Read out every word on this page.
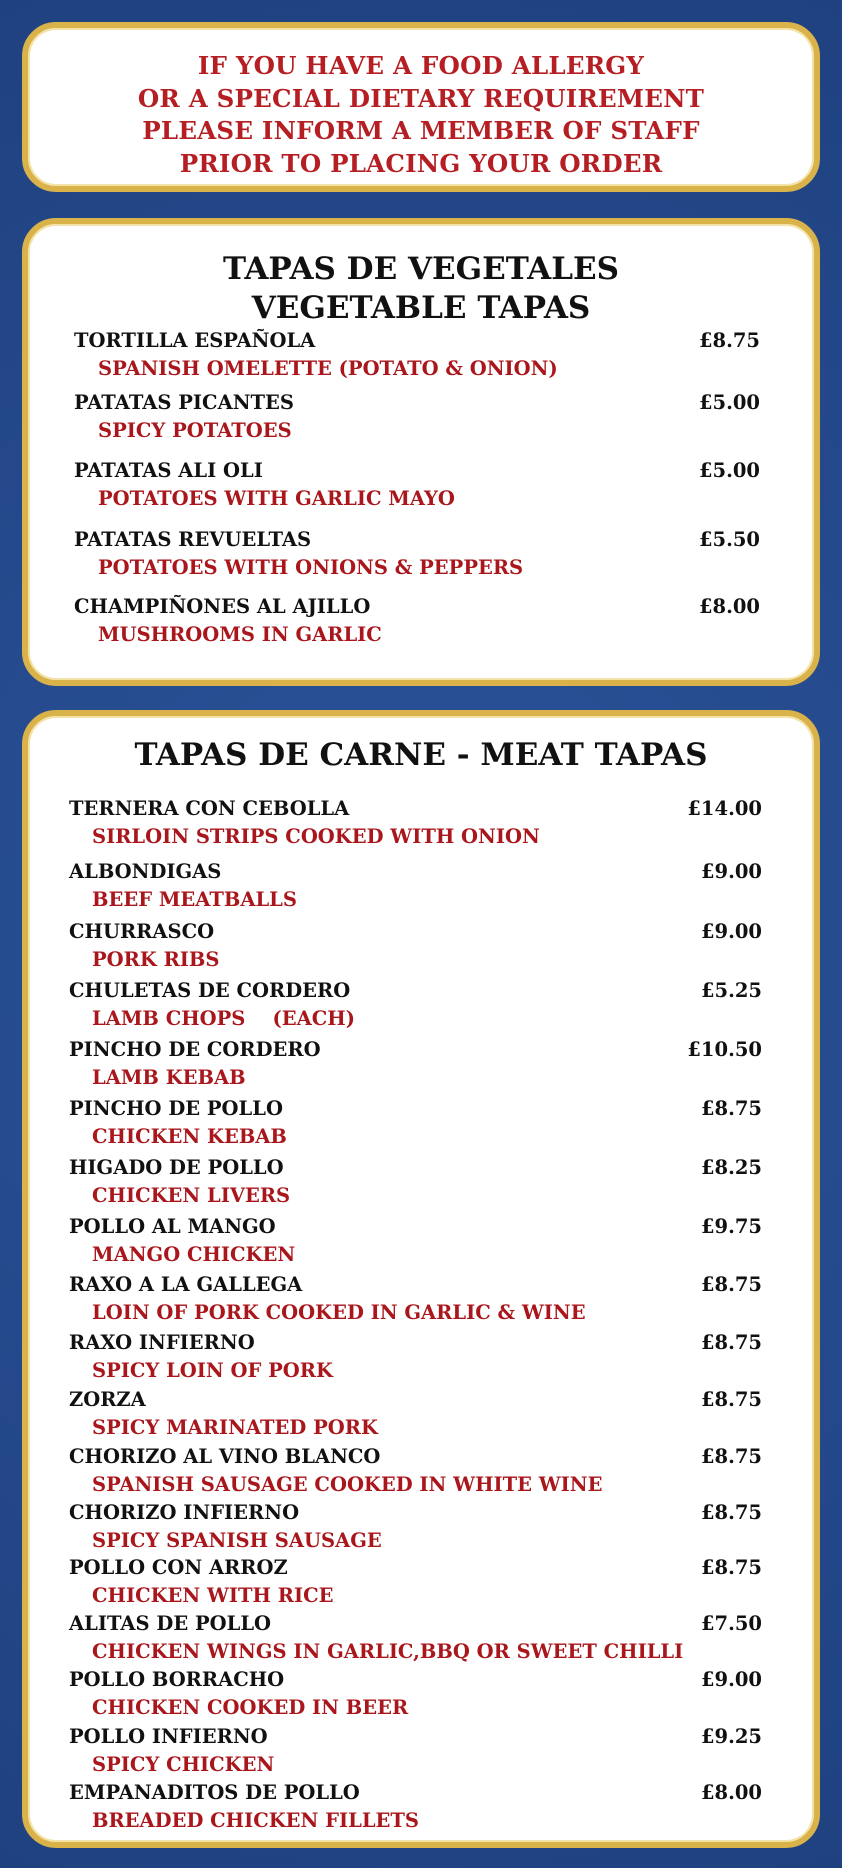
IF YOU HAVE A FOOD ALLERGY
OR A SPECIAL DIETARY REQUIREMENT
PLEASE INFORM A MEMBER OF STAFF
PRIOR TO PLACING YOUR ORDER

TAPAS DE VEGETALES
VEGETABLE TAPAS
TORTILLA ESPAÑOLA
SPANISH OMELETTE (POTATO & ONION)
£8.75
PATATAS PICANTES
SPICY POTATOES
£5.00
PATATAS ALI OLI
POTATOES WITH GARLIC MAYO
£5.00
PATATAS REVUELTAS
POTATOES WITH ONIONS & PEPPERS
£5.50
CHAMPIÑONES AL AJILLO
MUSHROOMS IN GARLIC
£8.00
TAPAS DE CARNE - MEAT TAPAS
TERNERA CON CEBOLLA
SIRLOIN STRIPS COOKED WITH ONION
£14.00
ALBONDIGAS
BEEF MEATBALLS
£9.00
CHURRASCO
PORK RIBS
£9.00
CHULETAS DE CORDERO
LAMB CHOPS    (EACH)
£5.25
PINCHO DE CORDERO
LAMB KEBAB
£10.50
PINCHO DE POLLO
CHICKEN KEBAB
£8.75
HIGADO DE POLLO
CHICKEN LIVERS
£8.25
POLLO AL MANGO
MANGO CHICKEN
£9.75
RAXO A LA GALLEGA
LOIN OF PORK COOKED IN GARLIC & WINE
£8.75
RAXO INFIERNO
SPICY LOIN OF PORK
£8.75
ZORZA
SPICY MARINATED PORK
£8.75
CHORIZO AL VINO BLANCO
SPANISH SAUSAGE COOKED IN WHITE WINE
£8.75
CHORIZO INFIERNO
SPICY SPANISH SAUSAGE
£8.75
POLLO CON ARROZ
CHICKEN WITH RICE
£8.75
ALITAS DE POLLO
CHICKEN WINGS IN GARLIC,BBQ OR SWEET CHILLI
£7.50
POLLO BORRACHO
CHICKEN COOKED IN BEER
£9.00
POLLO INFIERNO
SPICY CHICKEN
£9.25
EMPANADITOS DE POLLO
BREADED CHICKEN FILLETS
£8.00
